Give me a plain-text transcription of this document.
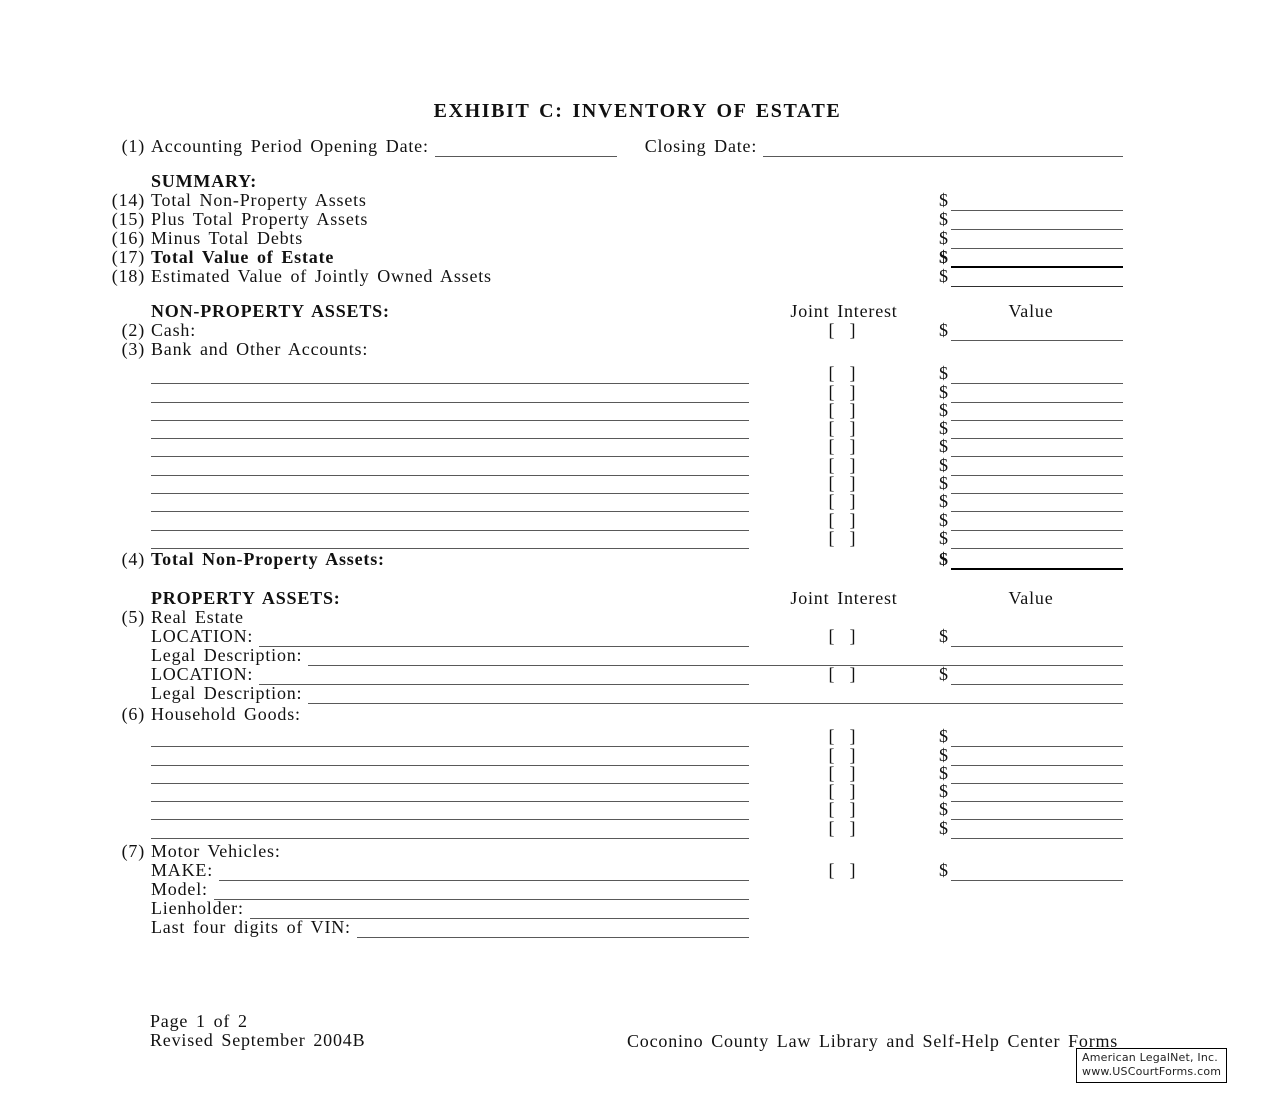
EXHIBIT C: INVENTORY OF ESTATE
(1) Accounting Period Opening Date:	Closing Date:
SUMMARY:
(14) Total Non-Property Assets	$
(15) Plus Total Property Assets	$
(16) Minus Total Debts	$
(17) Total Value of Estate	$
(18) Estimated Value of Jointly Owned Assets	$
NON-PROPERTY ASSETS:	Joint Interest	Value
(2) Cash:	[ ]	$
(3) Bank and Other Accounts:
[ ]	$
[ ]	$
[ ]	$
[ ]	$
[ ]	$
[ ]	$
[ ]	$
[ ]	$
[ ]	$
[ ]	$
(4) Total Non-Property Assets:	$
PROPERTY ASSETS:	Joint Interest	Value
(5) Real Estate
LOCATION:	[ ]	$
Legal Description:
LOCATION:	[ ]	$
Legal Description:
(6) Household Goods:
[ ]	$
[ ]	$
[ ]	$
[ ]	$
[ ]	$
[ ]	$
(7) Motor Vehicles:
MAKE:	[ ]	$
Model:
Lienholder:
Last four digits of VIN:
Page 1 of 2
Revised September 2004B	Coconino County Law Library and Self-Help Center Forms
American LegalNet, Inc.
www.USCourtForms.com
